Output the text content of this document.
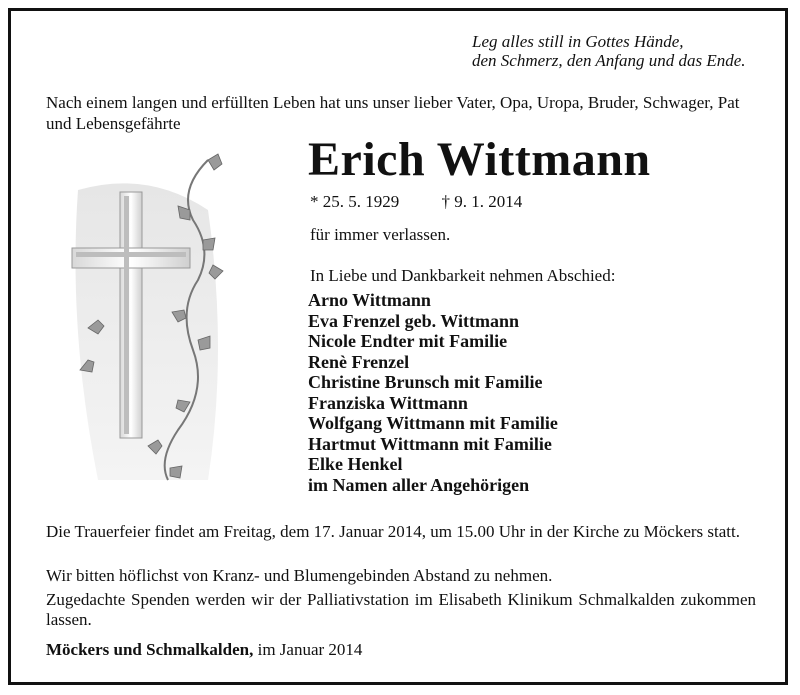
Leg alles still in Gottes Hände,
den Schmerz, den Anfang und das Ende.
Nach einem langen und erfüllten Leben hat uns unser lieber Vater, Opa, Uropa, Bruder, Schwager, Pat und Lebensgefährte
Erich Wittmann
* 25. 5. 1929 † 9. 1. 2014
für immer verlassen.
In Liebe und Dankbarkeit nehmen Abschied:
Arno Wittmann
Eva Frenzel geb. Wittmann
Nicole Endter mit Familie
Renè Frenzel
Christine Brunsch mit Familie
Franziska Wittmann
Wolfgang Wittmann mit Familie
Hartmut Wittmann mit Familie
Elke Henkel
im Namen aller Angehörigen
Die Trauerfeier findet am Freitag, dem 17. Januar 2014, um 15.00 Uhr in der Kirche zu Möckers statt.
Wir bitten höflichst von Kranz- und Blumengebinden Abstand zu nehmen.
Zugedachte Spenden werden wir der Palliativstation im Elisabeth Klinikum Schmalkalden zukommen lassen.
Möckers und Schmalkalden, im Januar 2014
